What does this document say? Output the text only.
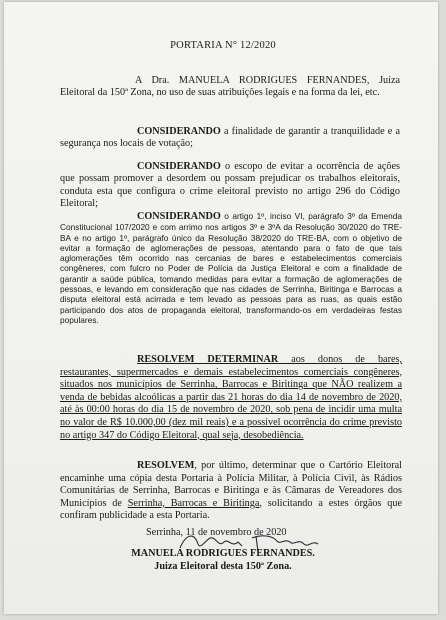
PORTARIA N° 12/2020
A Dra. MANUELA RODRIGUES FERNANDES, Juíza Eleitoral da 150ª Zona, no uso de suas atribuições legais e na forma da lei, etc.
CONSIDERANDO a finalidade de garantir a tranquilidade e a segurança nos locais de votação;
CONSIDERANDO o escopo de evitar a ocorrência de ações que possam promover a desordem ou possam prejudicar os trabalhos eleitorais, conduta esta que configura o crime eleitoral previsto no artigo 296 do Código Eleitoral;
CONSIDERANDO o artigo 1º, inciso VI, parágrafo 3º da Emenda Constitucional 107/2020 e com arrimo nos artigos 3º e 3ºA da Resolução 30/2020 do TRE-BA e no artigo 1º, parágrafo único da Resolução 38/2020 do TRE-BA, com o objetivo de evitar a formação de aglomerações de pessoas, atentando para o fato de que tais aglomerações têm ocorrido nas cercanias de bares e estabelecimentos comerciais congêneres, com fulcro no Poder de Polícia da Justiça Eleitoral e com a finalidade de garantir a saúde pública, tomando medidas para evitar a formação de aglomerações de pessoas, e levando em consideração que nas cidades de Serrinha, Biritinga e Barrocas a disputa eleitoral está acirrada e tem levado as pessoas para as ruas, as quais estão participando dos atos de propaganda eleitoral, transformando-os em verdadeiras festas populares.
RESOLVEM DETERMINAR aos donos de bares, restaurantes, supermercados e demais estabelecimentos comerciais congêneres, situados nos municípios de Serrinha, Barrocas e Biritinga que NÃO realizem a venda de bebidas alcoólicas a partir das 21 horas do dia 14 de novembro de 2020, até às 00:00 horas do dia 15 de novembro de 2020, sob pena de incidir uma multa no valor de R$ 10.000,00 (dez mil reais) e a possível ocorrência do crime previsto no artigo 347 do Código Eleitoral, qual seja, desobediência.
RESOLVEM, por último, determinar que o Cartório Eleitoral encaminhe uma cópia desta Portaria à Polícia Militar, à Polícia Civil, às Rádios Comunitárias de Serrinha, Barrocas e Biritinga e às Câmaras de Vereadores dos Municípios de Serrinha, Barrocas e Biritinga, solicitando a estes órgãos que confiram publicidade a esta Portaria.
Serrinha, 11 de novembro de 2020
MANUELA RODRIGUES FERNANDES.
Juiza Eleitoral desta 150ª Zona.
